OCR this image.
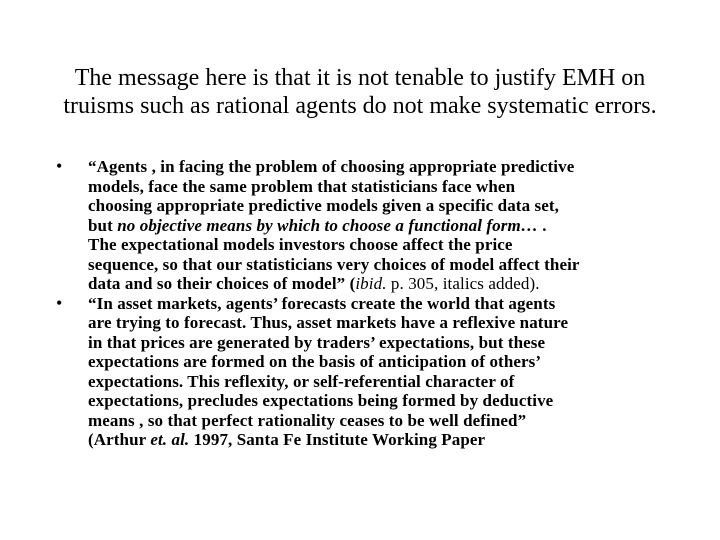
The message here is that it is not tenable to justify EMH on
truisms such as rational agents do not make systematic errors.
• “Agents , in facing the problem of choosing appropriate predictive
models, face the same problem that statisticians face when
choosing appropriate predictive models given a specific data set,
but no objective means by which to choose a functional form… .
The expectational models investors choose affect the price
sequence, so that our statisticians very choices of model affect their
data and so their choices of model” (ibid. p. 305, italics added).
• “In asset markets, agents’ forecasts create the world that agents
are trying to forecast. Thus, asset markets have a reflexive nature
in that prices are generated by traders’ expectations, but these
expectations are formed on the basis of anticipation of others’
expectations. This reflexity, or self-referential character of
expectations, precludes expectations being formed by deductive
means , so that perfect rationality ceases to be well defined”
(Arthur et. al. 1997, Santa Fe Institute Working Paper
